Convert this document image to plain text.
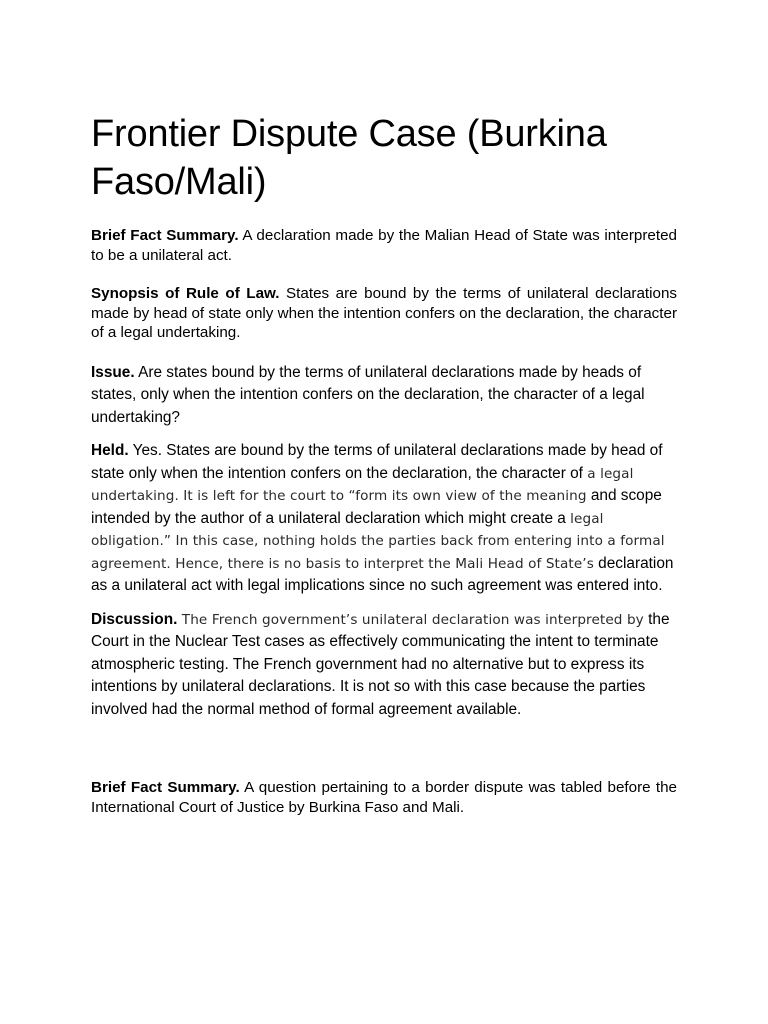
Frontier Dispute Case (Burkina Faso/Mali)

Brief Fact Summary. A declaration made by the Malian Head of State was interpreted to be a unilateral act.

Synopsis of Rule of Law. States are bound by the terms of unilateral declarations made by head of state only when the intention confers on the declaration, the character of a legal undertaking.

Issue. Are states bound by the terms of unilateral declarations made by heads of states, only when the intention confers on the declaration, the character of a legal undertaking?

Held. Yes. States are bound by the terms of unilateral declarations made by head of state only when the intention confers on the declaration, the character of a legal undertaking. It is left for the court to “form its own view of the meaning and scope intended by the author of a unilateral declaration which might create a legal obligation.” In this case, nothing holds the parties back from entering into a formal agreement. Hence, there is no basis to interpret the Mali Head of State’s declaration as a unilateral act with legal implications since no such agreement was entered into.

Discussion. The French government’s unilateral declaration was interpreted by the Court in the Nuclear Test cases as effectively communicating the intent to terminate atmospheric testing. The French government had no alternative but to express its intentions by unilateral declarations. It is not so with this case because the parties involved had the normal method of formal agreement available.

Brief Fact Summary. A question pertaining to a border dispute was tabled before the International Court of Justice by Burkina Faso and Mali.
